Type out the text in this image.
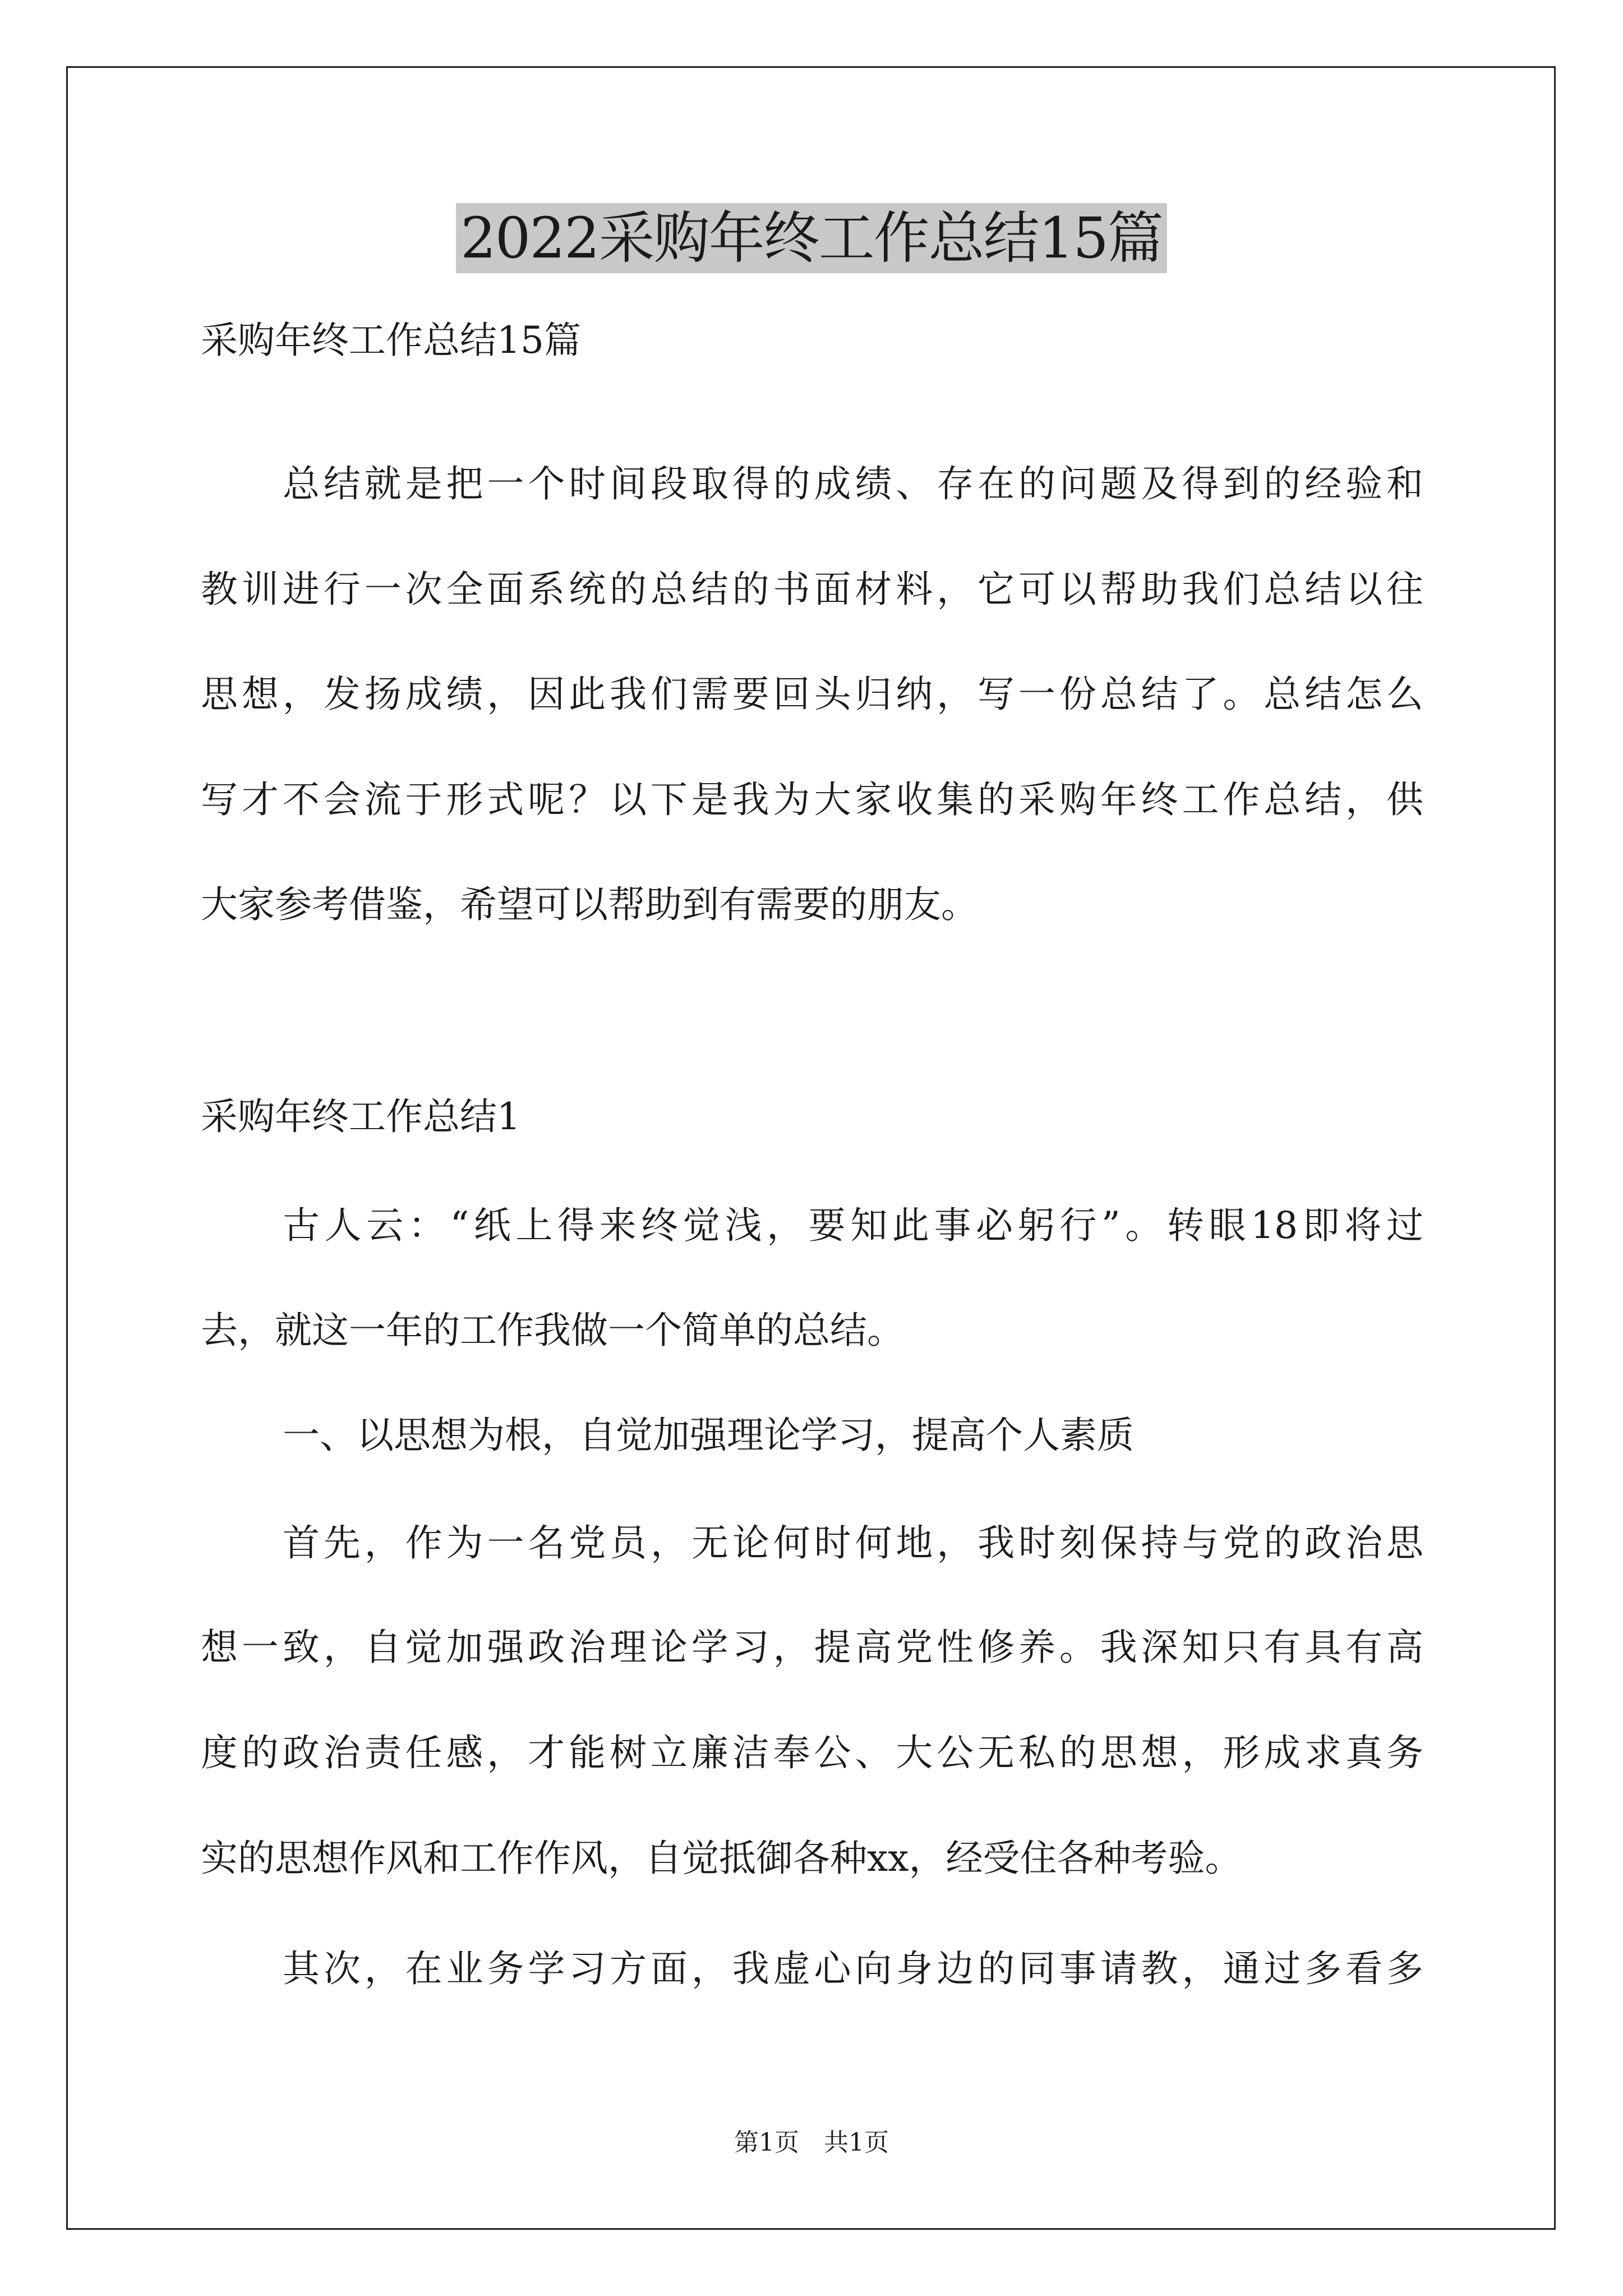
2022采购年终工作总结15篇
采购年终工作总结15篇
总结就是把一个时间段取得的成绩、存在的问题及得到的经验和
教训进行一次全面系统的总结的书面材料，它可以帮助我们总结以往
思想，发扬成绩，因此我们需要回头归纳，写一份总结了。总结怎么
写才不会流于形式呢？以下是我为大家收集的采购年终工作总结，供
大家参考借鉴，希望可以帮助到有需要的朋友。
采购年终工作总结1
古人云：“纸上得来终觉浅，要知此事必躬行”。转眼18即将过
去，就这一年的工作我做一个简单的总结。
一、以思想为根，自觉加强理论学习，提高个人素质
首先，作为一名党员，无论何时何地，我时刻保持与党的政治思
想一致，自觉加强政治理论学习，提高党性修养。我深知只有具有高
度的政治责任感，才能树立廉洁奉公、大公无私的思想，形成求真务
实的思想作风和工作作风，自觉抵御各种xx，经受住各种考验。
其次，在业务学习方面，我虚心向身边的同事请教，通过多看多
第1页　共1页
